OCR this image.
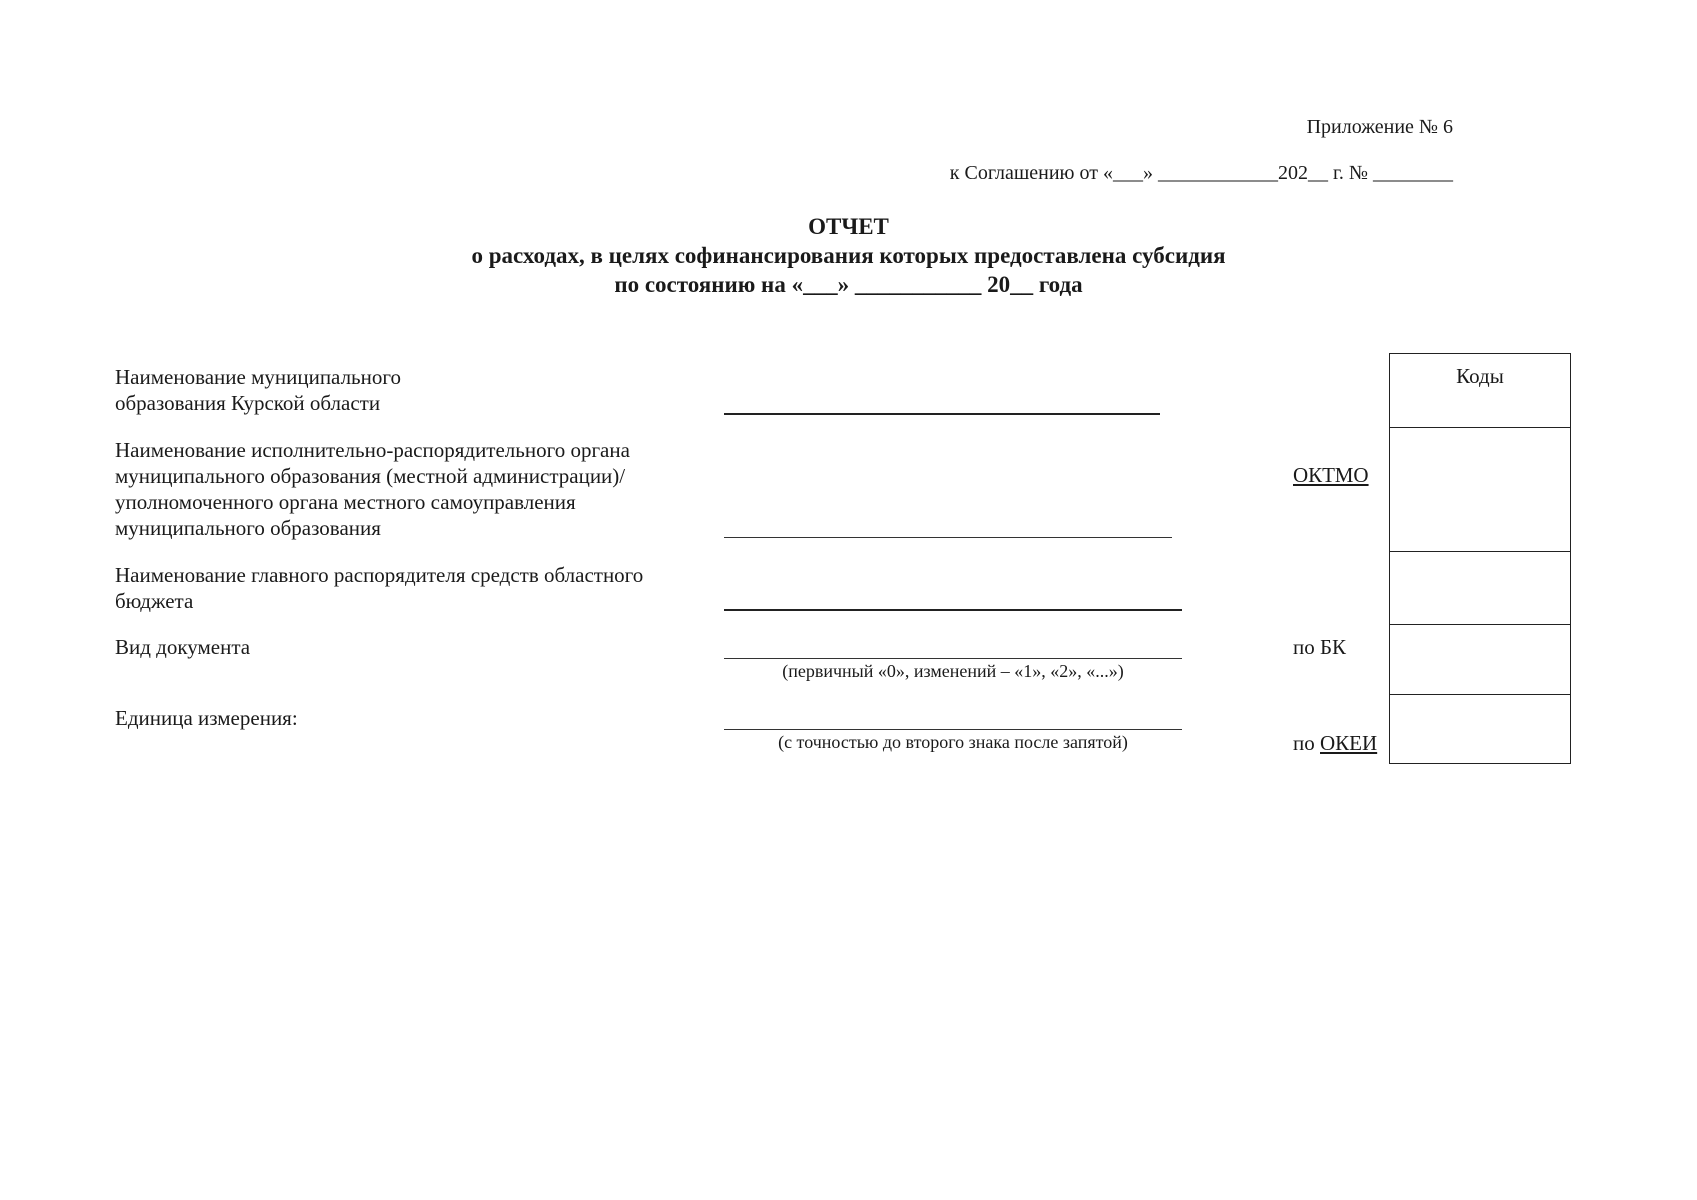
Приложение № 6
к Соглашению от «___» ____________202__ г. № ________
ОТЧЕТ
о расходах, в целях софинансирования которых предоставлена субсидия
по состоянию на «___» ___________ 20__ года
Наименование муниципального образования Курской области
Наименование исполнительно-распорядительного органа муниципального образования (местной администрации)/ уполномоченного органа местного самоуправления муниципального образования
Наименование главного распорядителя средств областного бюджета
Вид документа
(первичный «0», изменений – «1», «2», «...»)
Единица измерения:
(с точностью до второго знака после запятой)
ОКТМО
по БК
по ОКЕИ
Коды
